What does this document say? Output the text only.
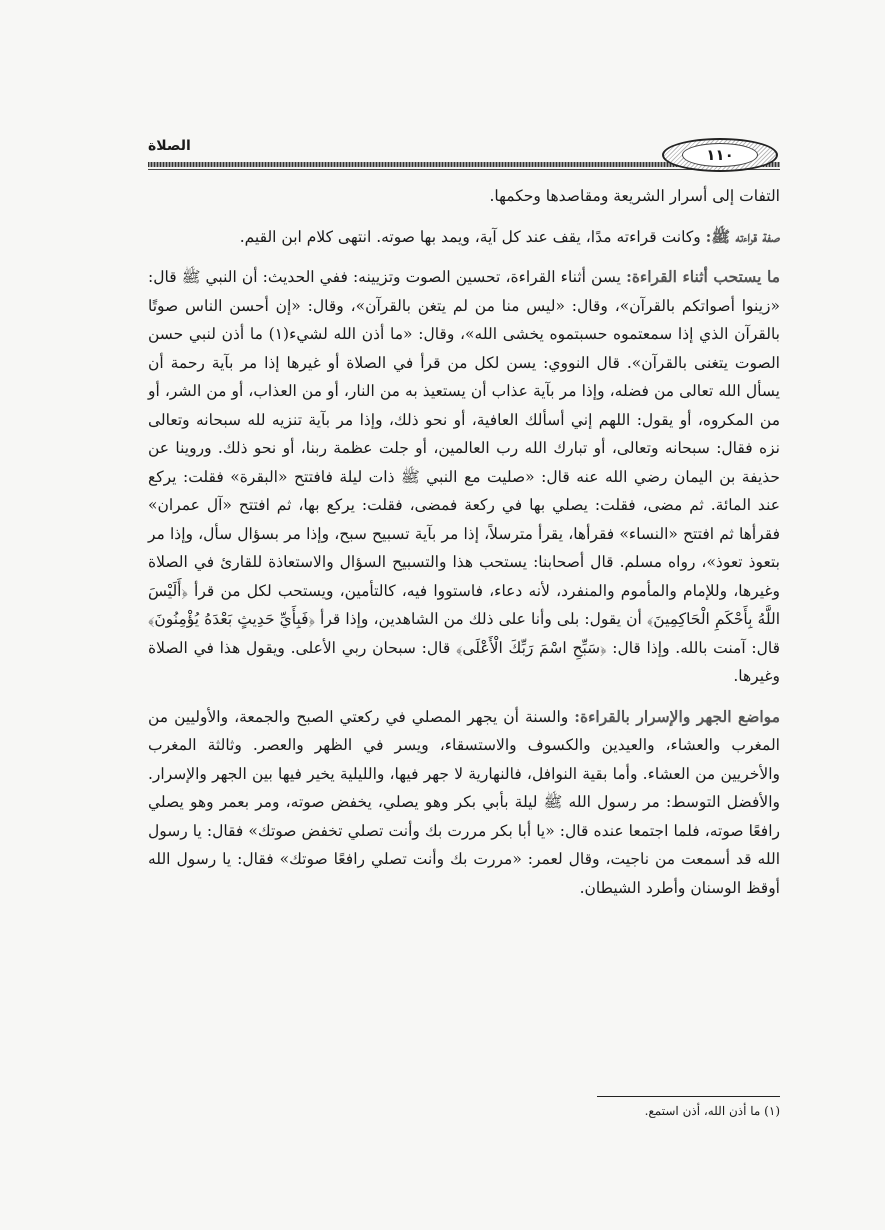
الصلاة	١١٠

التفات إلى أسرار الشريعة ومقاصدها وحكمها.

صفة قراءته ﷺ: وكانت قراءته مدًا، يقف عند كل آية، ويمد بها صوته. انتهى كلام ابن القيم.

ما يستحب أثناء القراءة: يسن أثناء القراءة، تحسين الصوت وتزيينه: ففي الحديث: أن النبي ﷺ قال: «زينوا أصواتكم بالقرآن»، وقال: «ليس منا من لم يتغن بالقرآن»، وقال: «إن أحسن الناس صوتًا بالقرآن الذي إذا سمعتموه حسبتموه يخشى الله»، وقال: «ما أذن الله لشيء(١) ما أذن لنبي حسن الصوت يتغنى بالقرآن». قال النووي: يسن لكل من قرأ في الصلاة أو غيرها إذا مر بآية رحمة أن يسأل الله تعالى من فضله، وإذا مر بآية عذاب أن يستعيذ به من النار، أو من العذاب، أو من الشر، أو من المكروه، أو يقول: اللهم إني أسألك العافية، أو نحو ذلك، وإذا مر بآية تنزيه لله سبحانه وتعالى نزه فقال: سبحانه وتعالى، أو تبارك الله رب العالمين، أو جلت عظمة ربنا، أو نحو ذلك. وروينا عن حذيفة بن اليمان رضي الله عنه قال: «صليت مع النبي ﷺ ذات ليلة فافتتح «البقرة» فقلت: يركع عند المائة. ثم مضى، فقلت: يصلي بها في ركعة فمضى، فقلت: يركع بها، ثم افتتح «آل عمران» فقرأها ثم افتتح «النساء» فقرأها، يقرأ مترسلاً، إذا مر بآية تسبيح سبح، وإذا مر بسؤال سأل، وإذا مر بتعوذ تعوذ»، رواه مسلم. قال أصحابنا: يستحب هذا والتسبيح السؤال والاستعاذة للقارئ في الصلاة وغيرها، وللإمام والمأموم والمنفرد، لأنه دعاء، فاستووا فيه، كالتأمين، ويستحب لكل من قرأ ﴿أَلَيْسَ اللَّهُ بِأَحْكَمِ الْحَاكِمِينَ﴾ أن يقول: بلى وأنا على ذلك من الشاهدين، وإذا قرأ ﴿فَبِأَيِّ حَدِيثٍ بَعْدَهُ يُؤْمِنُونَ﴾ قال: آمنت بالله. وإذا قال: ﴿سَبِّحِ اسْمَ رَبِّكَ الْأَعْلَى﴾ قال: سبحان ربي الأعلى. ويقول هذا في الصلاة وغيرها.

مواضع الجهر والإسرار بالقراءة: والسنة أن يجهر المصلي في ركعتي الصبح والجمعة، والأوليين من المغرب والعشاء، والعيدين والكسوف والاستسقاء، ويسر في الظهر والعصر. وثالثة المغرب والأخريين من العشاء. وأما بقية النوافل، فالنهارية لا جهر فيها، والليلية يخير فيها بين الجهر والإسرار. والأفضل التوسط: مر رسول الله ﷺ ليلة بأبي بكر وهو يصلي، يخفض صوته، ومر بعمر وهو يصلي رافعًا صوته، فلما اجتمعا عنده قال: «يا أبا بكر مررت بك وأنت تصلي تخفض صوتك» فقال: يا رسول الله قد أسمعت من ناجيت، وقال لعمر: «مررت بك وأنت تصلي رافعًا صوتك» فقال: يا رسول الله أوقظ الوسنان وأطرد الشيطان.

(١) ما أذن الله، أذن استمع.
